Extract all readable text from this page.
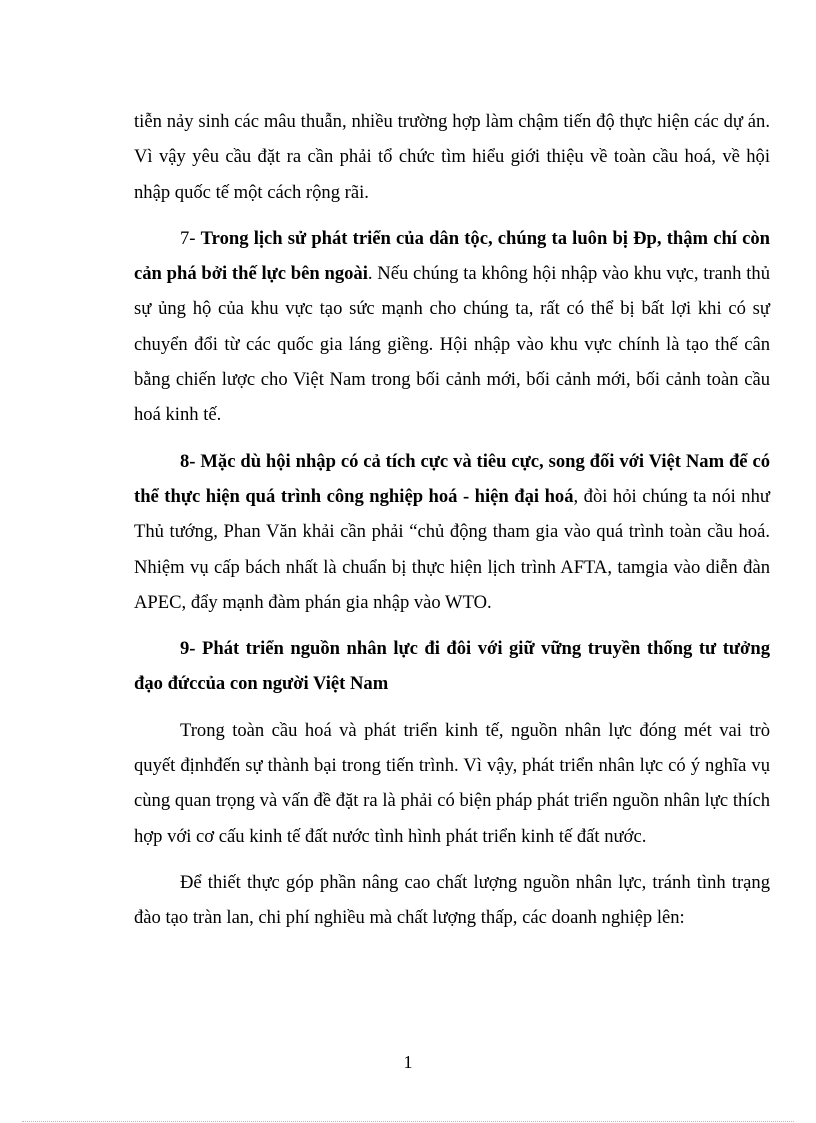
tiễn nảy sinh các mâu thuẫn, nhiều trường hợp làm chậm tiến độ thực hiện các dự án. Vì vậy yêu cầu đặt ra cần phải tổ chức tìm hiểu giới thiệu về toàn cầu hoá, về hội nhập quốc tế một cách rộng rãi.

7- Trong lịch sử phát triển của dân tộc, chúng ta luôn bị Đp, thậm chí còn cản phá bởi thế lực bên ngoài. Nếu chúng ta không hội nhập vào khu vực, tranh thủ sự ủng hộ của khu vực tạo sức mạnh cho chúng ta, rất có thể bị bất lợi khi có sự chuyển đổi từ các quốc gia láng giềng. Hội nhập vào khu vực chính là tạo thế cân bằng chiến lược cho Việt Nam trong bối cảnh mới, bối cảnh mới, bối cảnh toàn cầu hoá kinh tế.

8- Mặc dù hội nhập có cả tích cực và tiêu cực, song đối với Việt Nam để có thể thực hiện quá trình công nghiệp hoá - hiện đại hoá, đòi hỏi chúng ta nói như Thủ tướng, Phan Văn khải cần phải “chủ động tham gia vào quá trình toàn cầu hoá. Nhiệm vụ cấp bách nhất là chuẩn bị thực hiện lịch trình AFTA, tamgia vào diễn đàn APEC, đẩy mạnh đàm phán gia nhập vào WTO.

9- Phát triển nguồn nhân lực đi đôi với giữ vững truyền thống tư tưởng đạo đứccủa con người Việt Nam

Trong toàn cầu hoá và phát triển kinh tế, nguồn nhân lực đóng mét vai trò quyết địnhđến sự thành bại trong tiến trình. Vì vậy, phát triển nhân lực có ý nghĩa vụ cùng quan trọng và vấn đề đặt ra là phải có biện pháp phát triển nguồn nhân lực thích hợp với cơ cấu kinh tế đất nước tình hình phát triển kinh tế đất nước.

Để thiết thực góp phần nâng cao chất lượng nguồn nhân lực, tránh tình trạng đào tạo tràn lan, chi phí nghiều mà chất lượng thấp, các doanh nghiệp lên:

1
